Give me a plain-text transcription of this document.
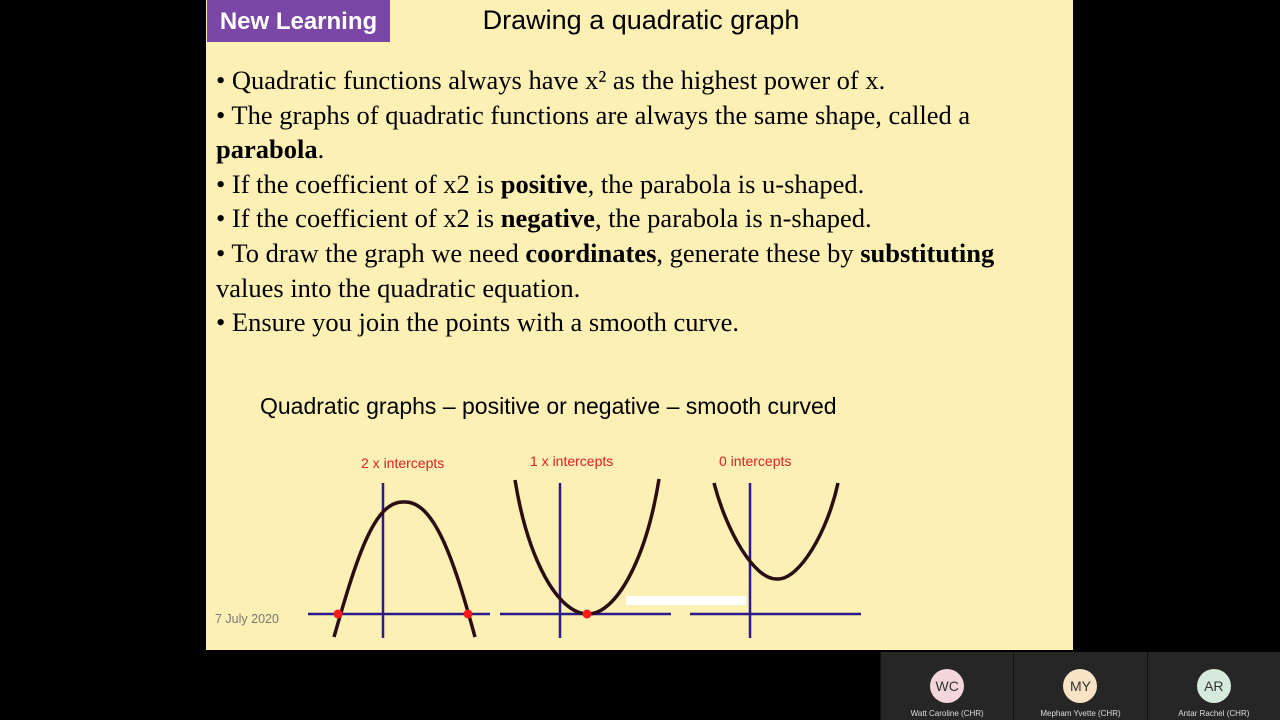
New Learning	Drawing a quadratic graph

• Quadratic functions always have x² as the highest power of x.

• The graphs of quadratic functions are always the same shape, called a parabola.

• If the coefficient of x2 is positive, the parabola is u-shaped.

• If the coefficient of x2 is negative, the parabola is n-shaped.

• To draw the graph we need coordinates, generate these by substituting values into the quadratic equation.

• Ensure you join the points with a smooth curve.

Quadratic graphs – positive or negative – smooth curved
2 x intercepts	1 x intercepts	0 intercepts
7 July 2020
WC
Watt Caroline (CHR)
MY
Mepham Yvette (CHR)
AR
Antar Rachel (CHR)
